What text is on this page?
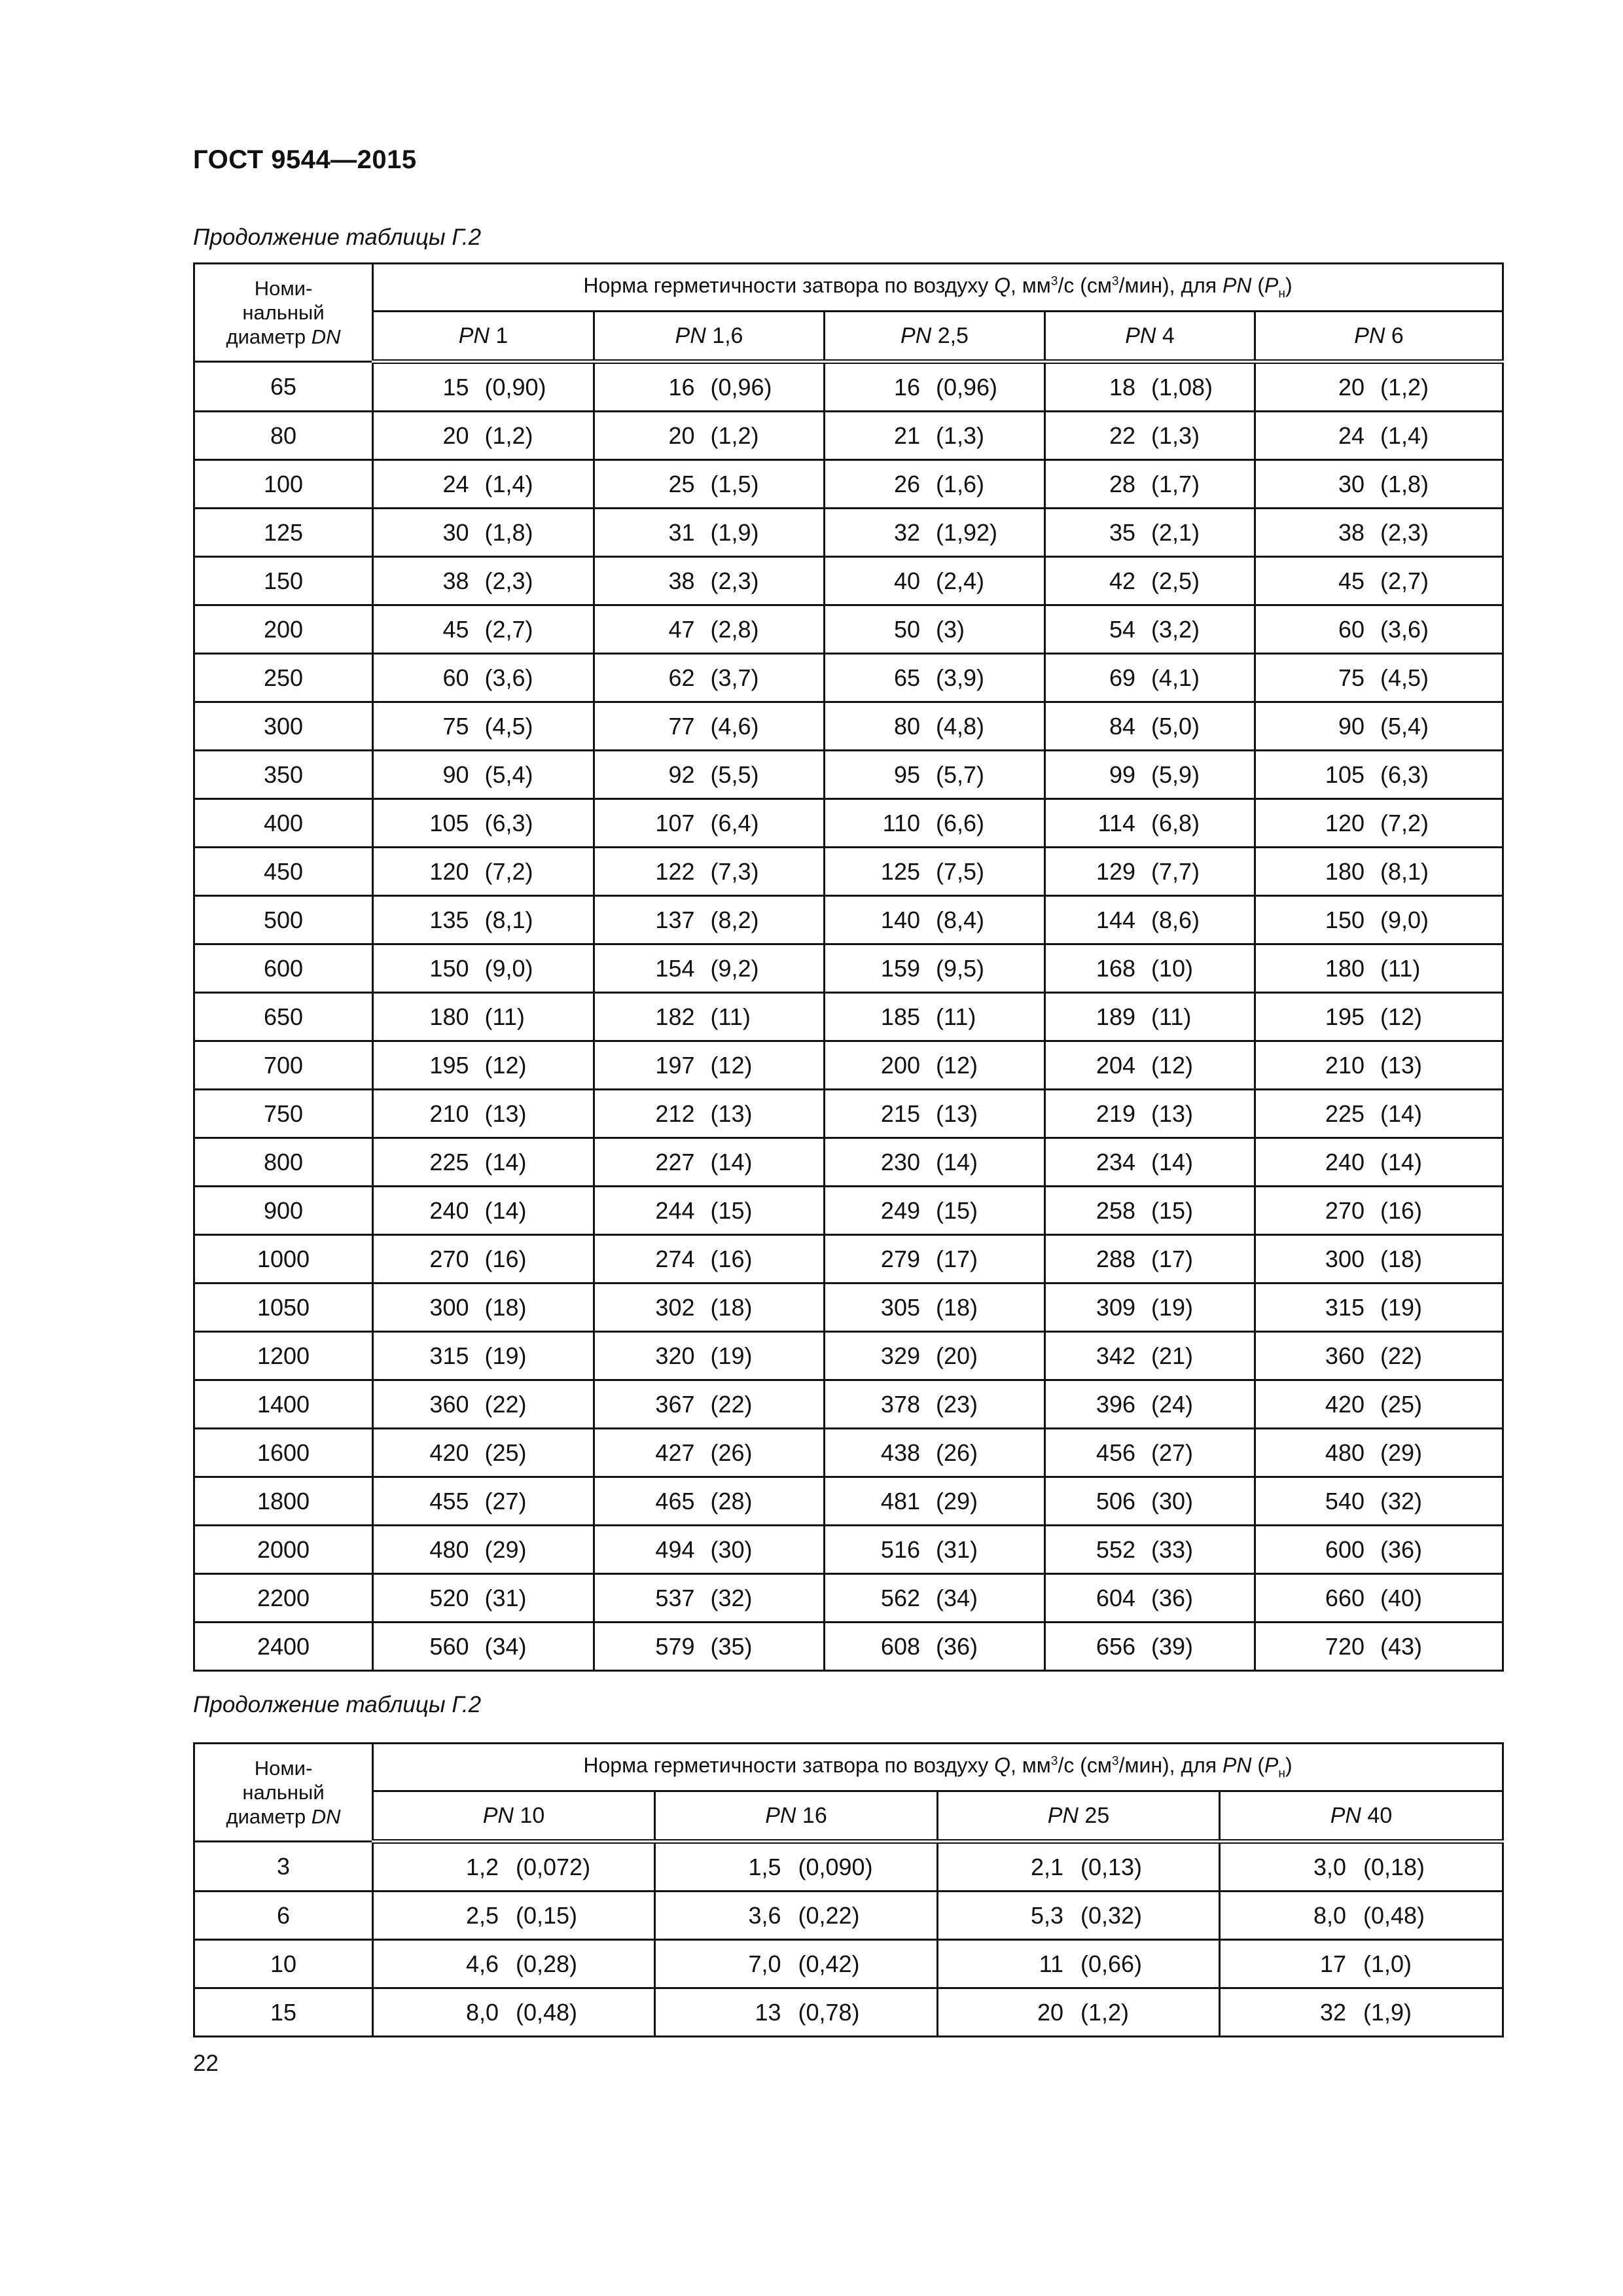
ГОСТ 9544—2015
Продолжение таблицы Г.2
Номи-
нальный
диаметр DN	Норма герметичности затвора по воздуху Q, $мм^3/с$ $(см^3/мин)$, для PN $(P_н)$				
	PN 1	PN 1,6	PN 2,5	PN 4	PN 6
65	15 (0,90)	16 (0,96)	16 (0,96)	18 (1,08)	20 (1,2)
80	20 (1,2)	20 (1,2)	21 (1,3)	22 (1,3)	24 (1,4)
100	24 (1,4)	25 (1,5)	26 (1,6)	28 (1,7)	30 (1,8)
125	30 (1,8)	31 (1,9)	32 (1,92)	35 (2,1)	38 (2,3)
150	38 (2,3)	38 (2,3)	40 (2,4)	42 (2,5)	45 (2,7)
200	45 (2,7)	47 (2,8)	50 (3)	54 (3,2)	60 (3,6)
250	60 (3,6)	62 (3,7)	65 (3,9)	69 (4,1)	75 (4,5)
300	75 (4,5)	77 (4,6)	80 (4,8)	84 (5,0)	90 (5,4)
350	90 (5,4)	92 (5,5)	95 (5,7)	99 (5,9)	105 (6,3)
400	105 (6,3)	107 (6,4)	110 (6,6)	114 (6,8)	120 (7,2)
450	120 (7,2)	122 (7,3)	125 (7,5)	129 (7,7)	180 (8,1)
500	135 (8,1)	137 (8,2)	140 (8,4)	144 (8,6)	150 (9,0)
600	150 (9,0)	154 (9,2)	159 (9,5)	168 (10)	180 (11)
650	180 (11)	182 (11)	185 (11)	189 (11)	195 (12)
700	195 (12)	197 (12)	200 (12)	204 (12)	210 (13)
750	210 (13)	212 (13)	215 (13)	219 (13)	225 (14)
800	225 (14)	227 (14)	230 (14)	234 (14)	240 (14)
900	240 (14)	244 (15)	249 (15)	258 (15)	270 (16)
1000	270 (16)	274 (16)	279 (17)	288 (17)	300 (18)
1050	300 (18)	302 (18)	305 (18)	309 (19)	315 (19)
1200	315 (19)	320 (19)	329 (20)	342 (21)	360 (22)
1400	360 (22)	367 (22)	378 (23)	396 (24)	420 (25)
1600	420 (25)	427 (26)	438 (26)	456 (27)	480 (29)
1800	455 (27)	465 (28)	481 (29)	506 (30)	540 (32)
2000	480 (29)	494 (30)	516 (31)	552 (33)	600 (36)
2200	520 (31)	537 (32)	562 (34)	604 (36)	660 (40)
2400	560 (34)	579 (35)	608 (36)	656 (39)	720 (43)
Продолжение таблицы Г.2
Номи-
нальный
диаметр DN	Норма герметичности затвора по воздуху Q, $мм^3/с$ $(см^3/мин)$, для PN $(P_н)$			
	PN 10	PN 16	PN 25	PN 40
3	1,2 (0,072)	1,5 (0,090)	2,1 (0,13)	3,0 (0,18)
6	2,5 (0,15)	3,6 (0,22)	5,3 (0,32)	8,0 (0,48)
10	4,6 (0,28)	7,0 (0,42)	11 (0,66)	17 (1,0)
15	8,0 (0,48)	13 (0,78)	20 (1,2)	32 (1,9)
22
